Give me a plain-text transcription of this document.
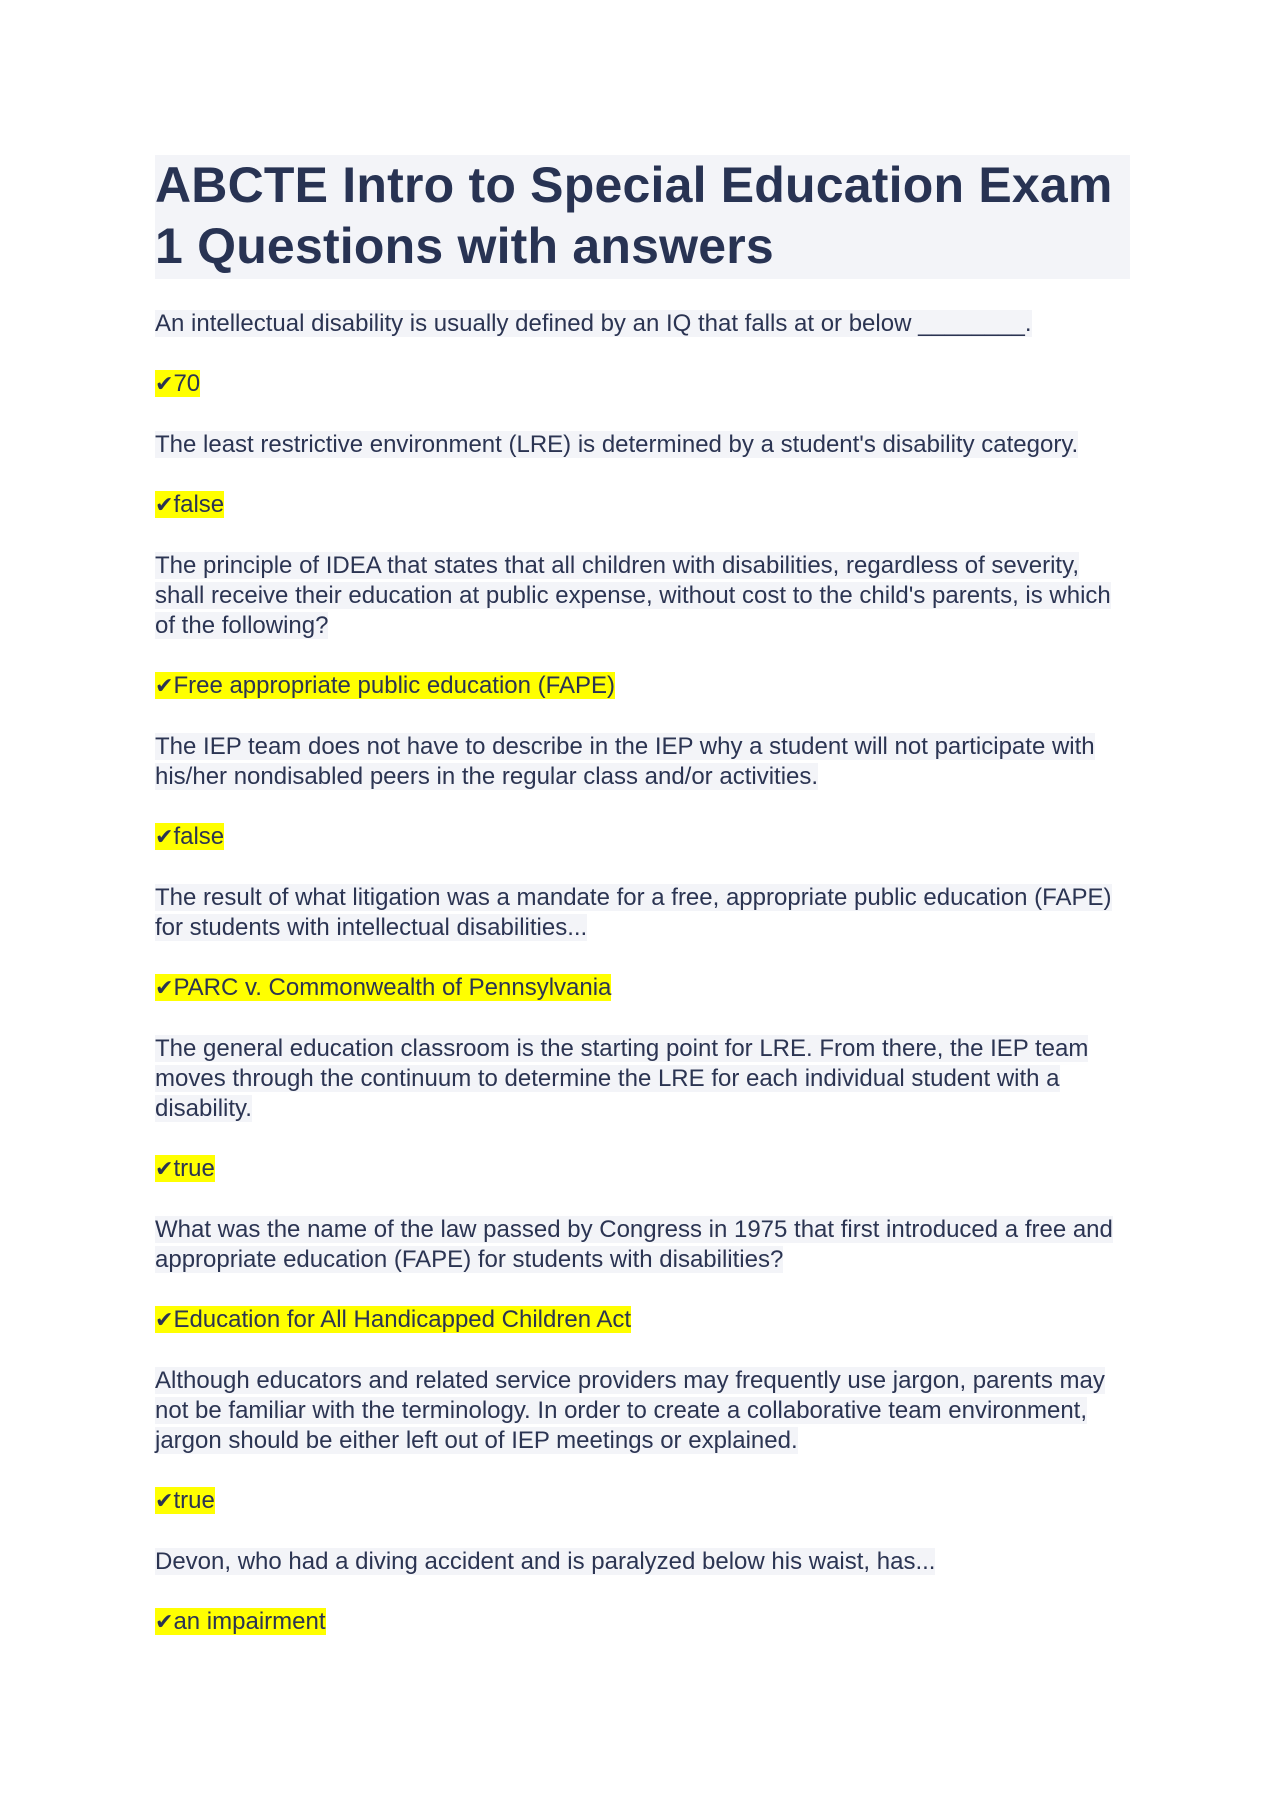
ABCTE Intro to Special Education Exam 1 Questions with answers
An intellectual disability is usually defined by an IQ that falls at or below ________.
✔70
The least restrictive environment (LRE) is determined by a student's disability category.
✔false
The principle of IDEA that states that all children with disabilities, regardless of severity, shall receive their education at public expense, without cost to the child's parents, is which of the following?
✔Free appropriate public education (FAPE)
The IEP team does not have to describe in the IEP why a student will not participate with his/her nondisabled peers in the regular class and/or activities.
✔false
The result of what litigation was a mandate for a free, appropriate public education (FAPE) for students with intellectual disabilities...
✔PARC v. Commonwealth of Pennsylvania
The general education classroom is the starting point for LRE. From there, the IEP team moves through the continuum to determine the LRE for each individual student with a disability.
✔true
What was the name of the law passed by Congress in 1975 that first introduced a free and appropriate education (FAPE) for students with disabilities?
✔Education for All Handicapped Children Act
Although educators and related service providers may frequently use jargon, parents may not be familiar with the terminology. In order to create a collaborative team environment, jargon should be either left out of IEP meetings or explained.
✔true
Devon, who had a diving accident and is paralyzed below his waist, has...
✔an impairment
